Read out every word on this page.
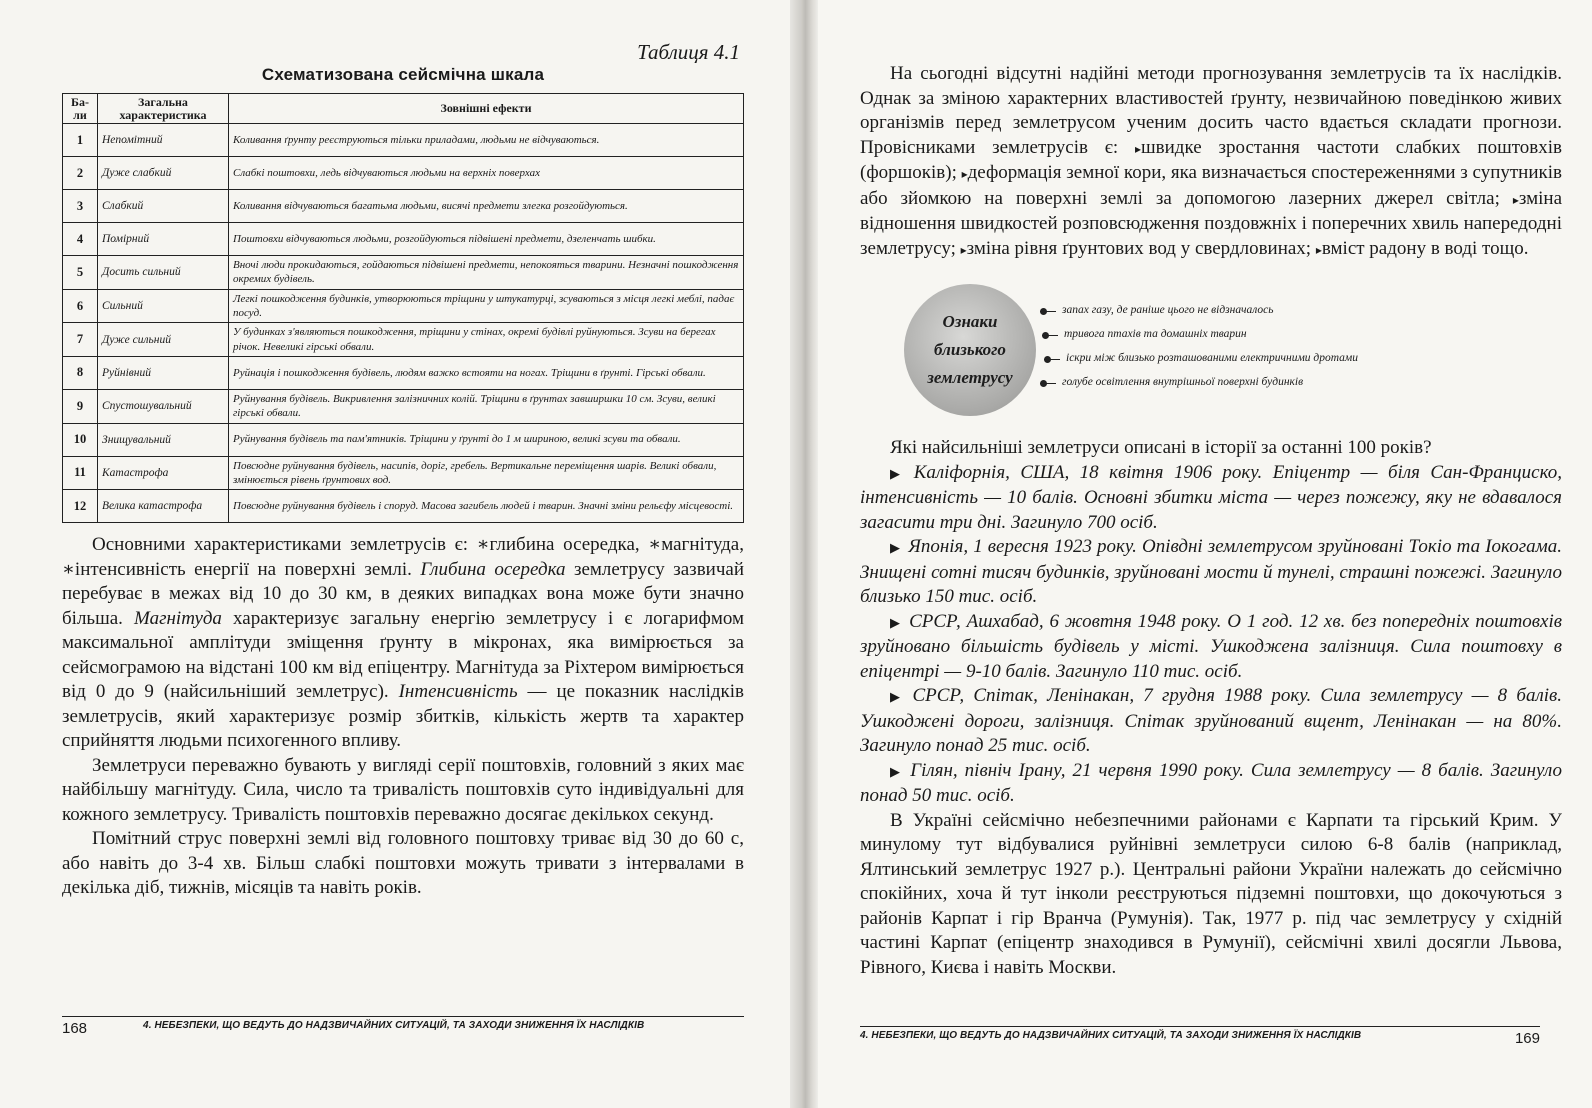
Таблиця 4.1
Схематизована сейсмічна шкала
Ба-
ли	Загальна характеристика	Зовнішні ефекти
1	Непомітний	Коливання ґрунту реєструються тільки приладами, людьми не відчуваються.
2	Дуже слабкий	Слабкі поштовхи, ледь відчуваються людьми на верхніх поверхах
3	Слабкий	Коливання відчуваються багатьма людьми, висячі предмети злегка розгойдуються.
4	Помірний	Поштовхи відчуваються людьми, розгойдуються підвішені предмети, дзеленчать шибки.
5	Досить сильний	Вночі люди прокидаються, гойдаються підвішені предмети, непокояться тварини. Незначні пошкодження окремих будівель.
6	Сильний	Легкі пошкодження будинків, утворюються тріщини у штукатурці, зсуваються з місця легкі меблі, падає посуд.
7	Дуже сильний	У будинках з'являються пошкодження, тріщини у стінах, окремі будівлі руйнуються. Зсуви на берегах річок. Невеликі гірські обвали.
8	Руйнівний	Руйнація і пошкодження будівель, людям важко встояти на ногах. Тріщини в ґрунті. Гірські обвали.
9	Спустошувальний	Руйнування будівель. Викривлення залізничних колій. Тріщини в ґрунтах завширшки 10 см. Зсуви, великі гірські обвали.
10	Знищувальний	Руйнування будівель та пам'ятників. Тріщини у ґрунті до 1 м шириною, великі зсуви та обвали.
11	Катастрофа	Повсюдне руйнування будівель, насипів, доріг, гребель. Вертикальне переміщення шарів. Великі обвали, змінюється рівень ґрунтових вод.
12	Велика катастрофа	Повсюдне руйнування будівель і споруд. Масова загибель людей і тварин. Значні зміни рельєфу місцевості.

Основними характеристиками землетрусів є: ∗глибина осередка, ∗магнітуда, ∗інтенсивність енергії на поверхні землі. Глибина осередка землетрусу зазвичай перебуває в межах від 10 до 30 км, в деяких випадках вона може бути значно більша. Магнітуда характеризує загальну енергію землетрусу і є логарифмом максимальної амплітуди зміщення ґрунту в мікронах, яка вимірюється за сейсмограмою на відстані 100 км від епіцентру. Магнітуда за Ріхтером вимірюється від 0 до 9 (найсильніший землетрус). Інтенсивність — це показник наслідків землетрусів, який характеризує розмір збитків, кількість жертв та характер сприйняття людьми психогенного впливу.

Землетруси переважно бувають у вигляді серії поштовхів, головний з яких має найбільшу магнітуду. Сила, число та тривалість поштовхів суто індивідуальні для кожного землетрусу. Тривалість поштовхів переважно досягає декількох секунд.

Помітний струс поверхні землі від головного поштовху триває від 30 до 60 с, або навіть до 3-4 хв. Більш слабкі поштовхи можуть тривати з інтервалами в декілька діб, тижнів, місяців та навіть років.

168	4. НЕБЕЗПЕКИ, ЩО ВЕДУТЬ ДО НАДЗВИЧАЙНИХ СИТУАЦІЙ, ТА ЗАХОДИ ЗНИЖЕННЯ ЇХ НАСЛІДКІВ

На сьогодні відсутні надійні методи прогнозування землетрусів та їх наслідків. Однак за зміною характерних властивостей ґрунту, незвичайною поведінкою живих організмів перед землетрусом ученим досить часто вдається складати прогнози. Провісниками землетрусів є: ▸швидке зростання частоти слабких поштовхів (форшоків); ▸деформація земної кори, яка визначається спостереженнями з супутників або зйомкою на поверхні землі за допомогою лазерних джерел світла; ▸зміна відношення швидкостей розповсюдження поздовжніх і поперечних хвиль напередодні землетрусу; ▸зміна рівня ґрунтових вод у свердловинах; ▸вміст радону в воді тощо.

Ознаки
близького
землетрусу
запах газу, де раніше цього не відзначалось
тривога птахів та домашніх тварин
іскри між близько розташованими електричними дротами
голубе освітлення внутрішньої поверхні будинків

Які найсильніші землетруси описані в історії за останні 100 років?

▶ Каліфорнія, США, 18 квітня 1906 року. Епіцентр — біля Сан-Франциско, інтенсивність — 10 балів. Основні збитки міста — через пожежу, яку не вдавалося загасити три дні. Загинуло 700 осіб.

▶ Японія, 1 вересня 1923 року. Опівдні землетрусом зруйновані Токіо та Іокогама. Знищені сотні тисяч будинків, зруйновані мости й тунелі, страшні пожежі. Загинуло близько 150 тис. осіб.

▶ СРСР, Ашхабад, 6 жовтня 1948 року. О 1 год. 12 хв. без попередніх поштовхів зруйновано більшість будівель у місті. Ушкоджена залізниця. Сила поштовху в епіцентрі — 9-10 балів. Загинуло 110 тис. осіб.

▶ СРСР, Спітак, Ленінакан, 7 грудня 1988 року. Сила землетрусу — 8 балів. Ушкоджені дороги, залізниця. Спітак зруйнований вщент, Ленінакан — на 80%. Загинуло понад 25 тис. осіб.

▶ Гілян, північ Ірану, 21 червня 1990 року. Сила землетрусу — 8 балів. Загинуло понад 50 тис. осіб.

В Україні сейсмічно небезпечними районами є Карпати та гірський Крим. У минулому тут відбувалися руйнівні землетруси силою 6-8 балів (наприклад, Ялтинський землетрус 1927 р.). Центральні райони України належать до сейсмічно спокійних, хоча й тут інколи реєструються підземні поштовхи, що докочуються з районів Карпат і гір Вранча (Румунія). Так, 1977 р. під час землетрусу у східній частині Карпат (епіцентр знаходився в Румунії), сейсмічні хвилі досягли Львова, Рівного, Києва і навіть Москви.

4. НЕБЕЗПЕКИ, ЩО ВЕДУТЬ ДО НАДЗВИЧАЙНИХ СИТУАЦІЙ, ТА ЗАХОДИ ЗНИЖЕННЯ ЇХ НАСЛІДКІВ	169
